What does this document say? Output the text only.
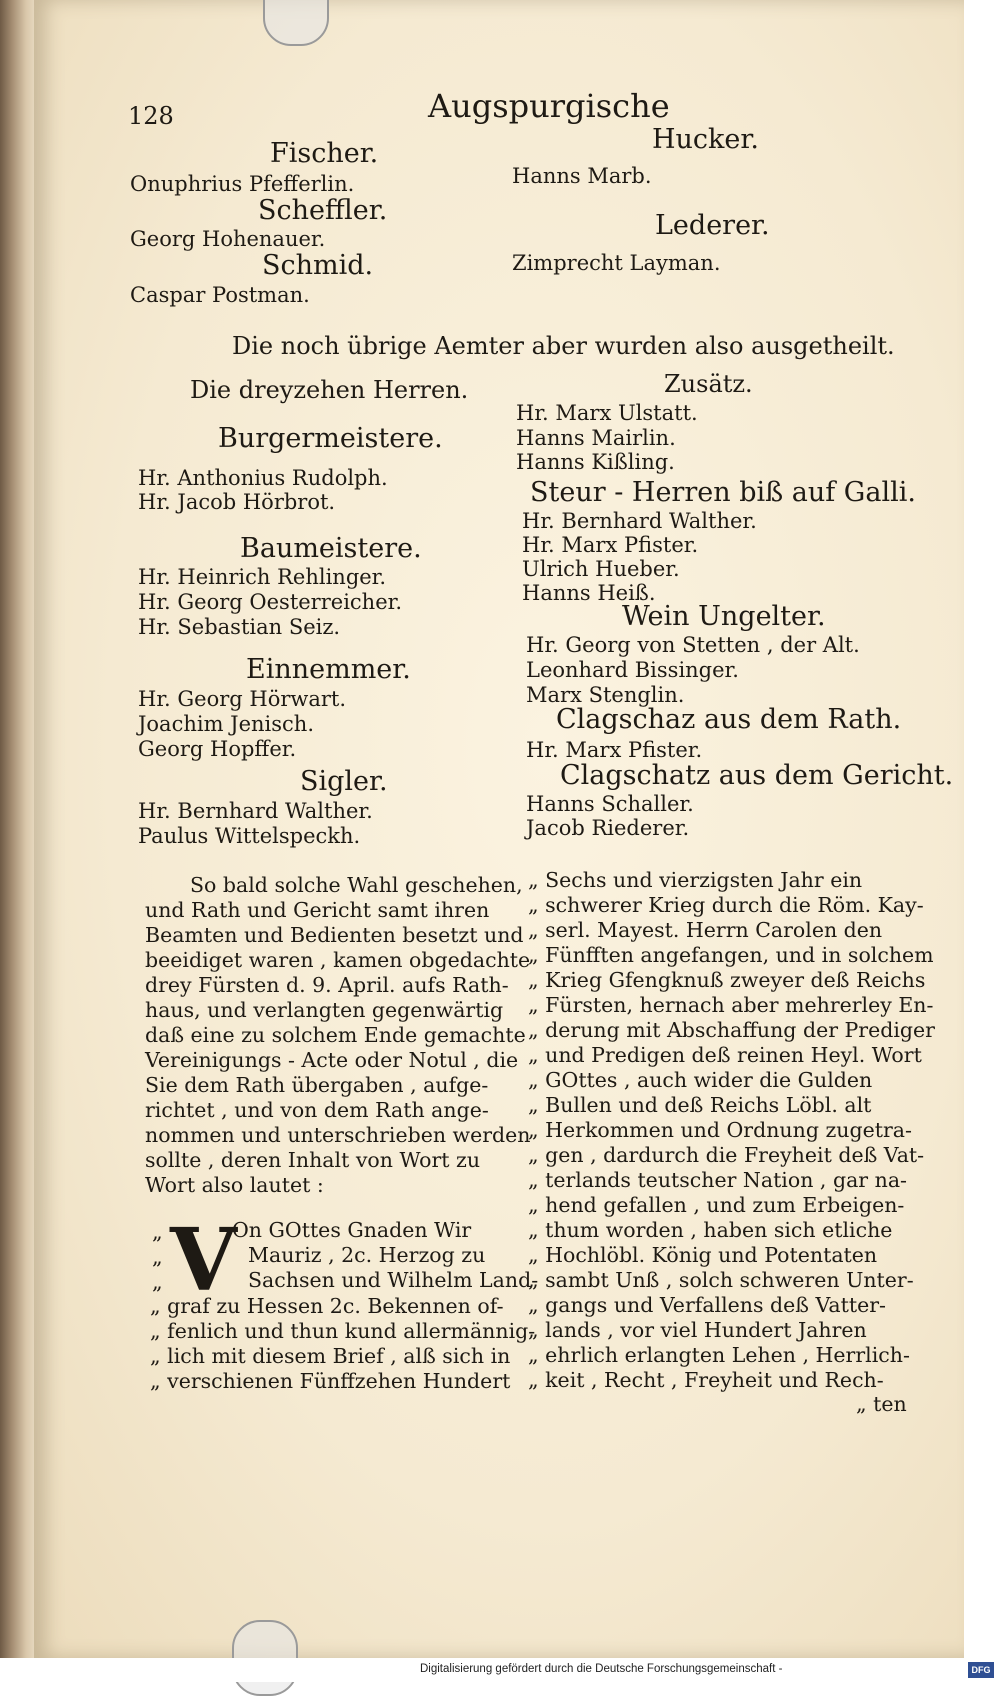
128	Augspurgische
Fischer.
Onuphrius Pfefferlin.
Scheffler.
Georg Hohenauer.
Schmid.
Caspar Postman.
Hucker.
Hanns Marb.
Lederer.
Zimprecht Layman.
Die noch übrige Aemter aber wurden also ausgetheilt.
Die dreyzehen Herren.
Burgermeistere.
Hr. Anthonius Rudolph.
Hr. Jacob Hörbrot.
Baumeistere.
Hr. Heinrich Rehlinger.
Hr. Georg Oesterreicher.
Hr. Sebastian Seiz.
Einnemmer.
Hr. Georg Hörwart.
Joachim Jenisch.
Georg Hopffer.
Sigler.
Hr. Bernhard Walther.
Paulus Wittelspeckh.
Zusätz.
Hr. Marx Ulstatt.
Hanns Mairlin.
Hanns Kißling.
Steur - Herren biß auf Galli.
Hr. Bernhard Walther.
Hr. Marx Pfister.
Ulrich Hueber.
Hanns Heiß.
Wein Ungelter.
Hr. Georg von Stetten , der Alt.
Leonhard Bissinger.
Marx Stenglin.
Clagschaz aus dem Rath.
Hr. Marx Pfister.
Clagschatz aus dem Gericht.
Hanns Schaller.
Jacob Riederer.
So bald solche Wahl geschehen,
und Rath und Gericht samt ihren
Beamten und Bedienten besetzt und
beeidiget waren , kamen obgedachte
drey Fürsten d. 9. April. aufs Rath-
haus, und verlangten gegenwärtig
daß eine zu solchem Ende gemachte
Vereinigungs - Acte oder Notul , die
Sie dem Rath übergaben , aufge-
richtet , und von dem Rath ange-
nommen und unterschrieben werden
sollte , deren Inhalt von Wort zu
Wort also lautet :
V
„
„
„
On GOttes Gnaden Wir
Mauriz , 2c. Herzog zu
Sachsen und Wilhelm Land-
„ graf zu Hessen 2c. Bekennen of-
„ fenlich und thun kund allermännig-
„ lich mit diesem Brief , alß sich in
„ verschienen Fünffzehen Hundert
„ Sechs und vierzigsten Jahr ein
„ schwerer Krieg durch die Röm. Kay-
„ serl. Mayest. Herrn Carolen den
„ Fünfften angefangen, und in solchem
„ Krieg Gfengknuß zweyer deß Reichs
„ Fürsten, hernach aber mehrerley En-
„ derung mit Abschaffung der Prediger
„ und Predigen deß reinen Heyl. Wort
„ GOttes , auch wider die Gulden
„ Bullen und deß Reichs Löbl. alt
„ Herkommen und Ordnung zugetra-
„ gen , dardurch die Freyheit deß Vat-
„ terlands teutscher Nation , gar na-
„ hend gefallen , und zum Erbeigen-
„ thum worden , haben sich etliche
„ Hochlöbl. König und Potentaten
„ sambt Unß , solch schweren Unter-
„ gangs und Verfallens deß Vatter-
„ lands , vor viel Hundert Jahren
„ ehrlich erlangten Lehen , Herrlich-
„ keit , Recht , Freyheit und Rech-
„ ten
Digitalisierung gefördert durch die Deutsche Forschungsgemeinschaft -	DFG
